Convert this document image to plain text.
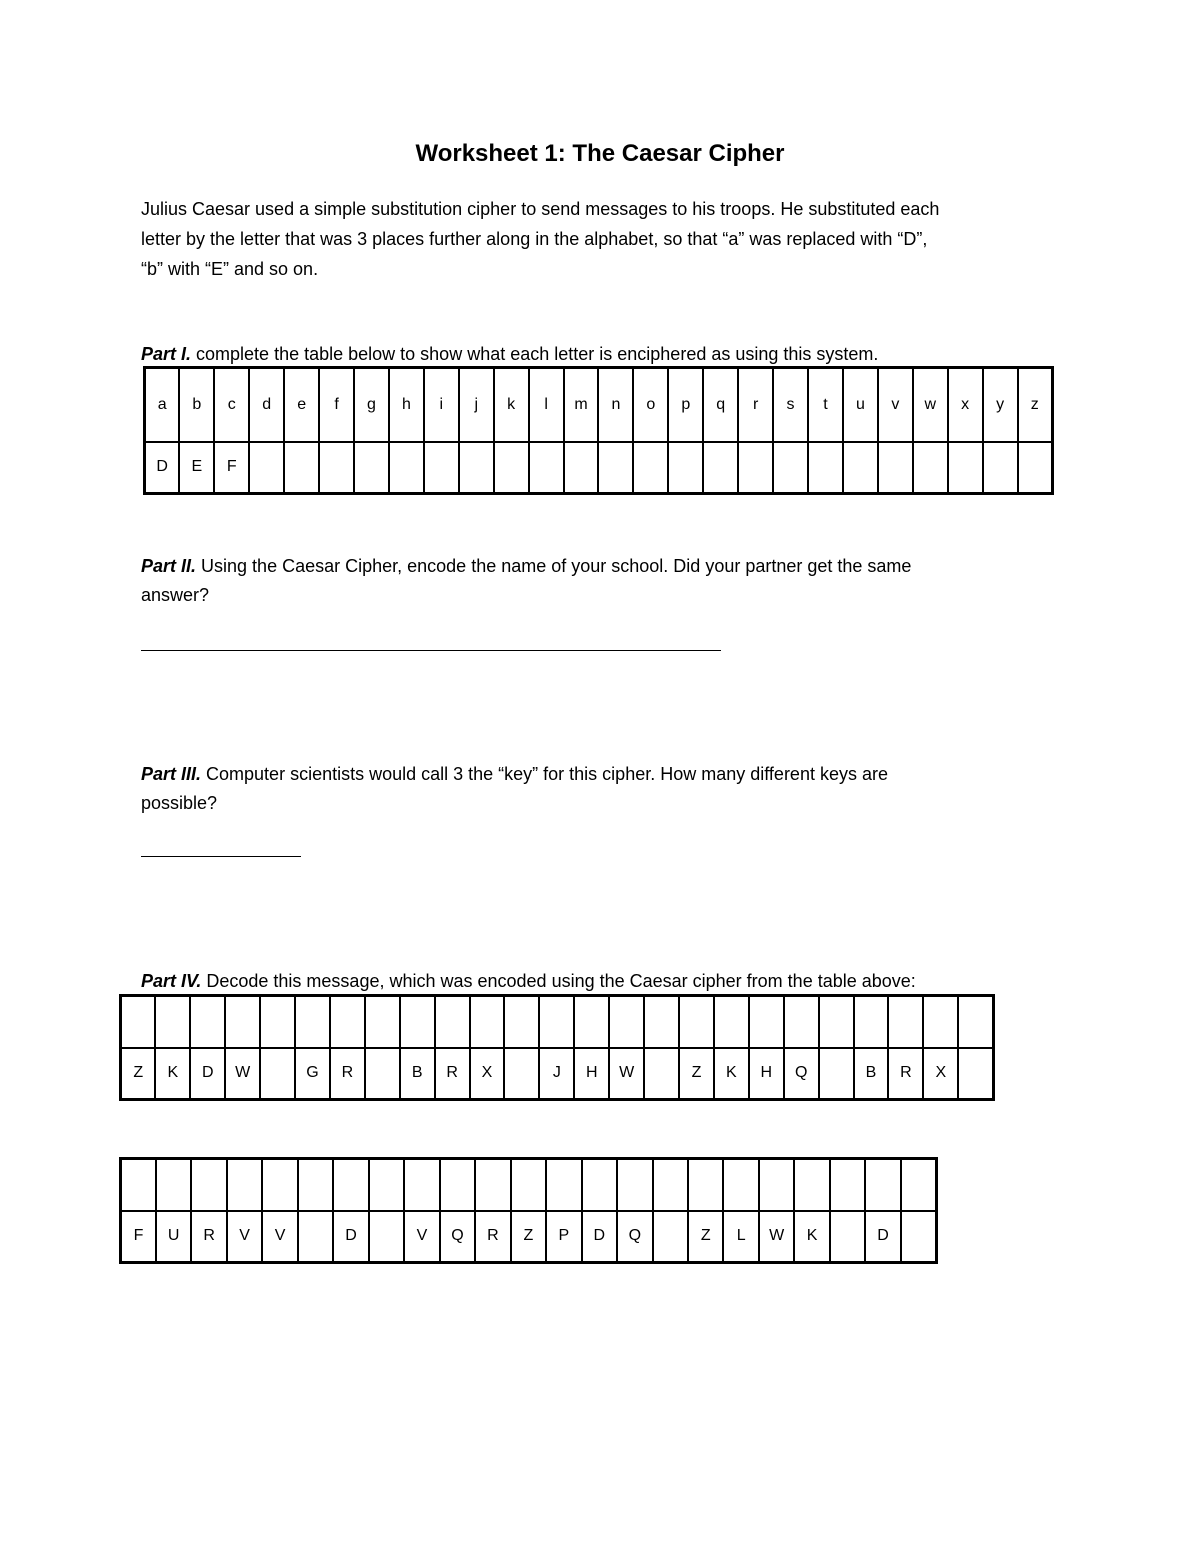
Worksheet 1: The Caesar Cipher

Julius Caesar used a simple substitution cipher to send messages to his troops. He substituted each

letter by the letter that was 3 places further along in the alphabet, so that “a” was replaced with “D”,

“b” with “E” and so on.

Part I. complete the table below to show what each letter is enciphered as using this system.
a	b	c	d	e	f	g	h	i	j	k	l	m	n	o	p	q	r	s	t	u	v	w	x	y	z
D	E	F																							
Part II. Using the Caesar Cipher, encode the name of your school. Did your partner get the same
answer?
Part III. Computer scientists would call 3 the “key” for this cipher. How many different keys are
possible?
Part IV. Decode this message, which was encoded using the Caesar cipher from the table above:

Z	K	D	W		G	R		B	R	X		J	H	W		Z	K	H	Q		B	R	X	

F	U	R	V	V		D		V	Q	R	Z	P	D	Q		Z	L	W	K		D	
